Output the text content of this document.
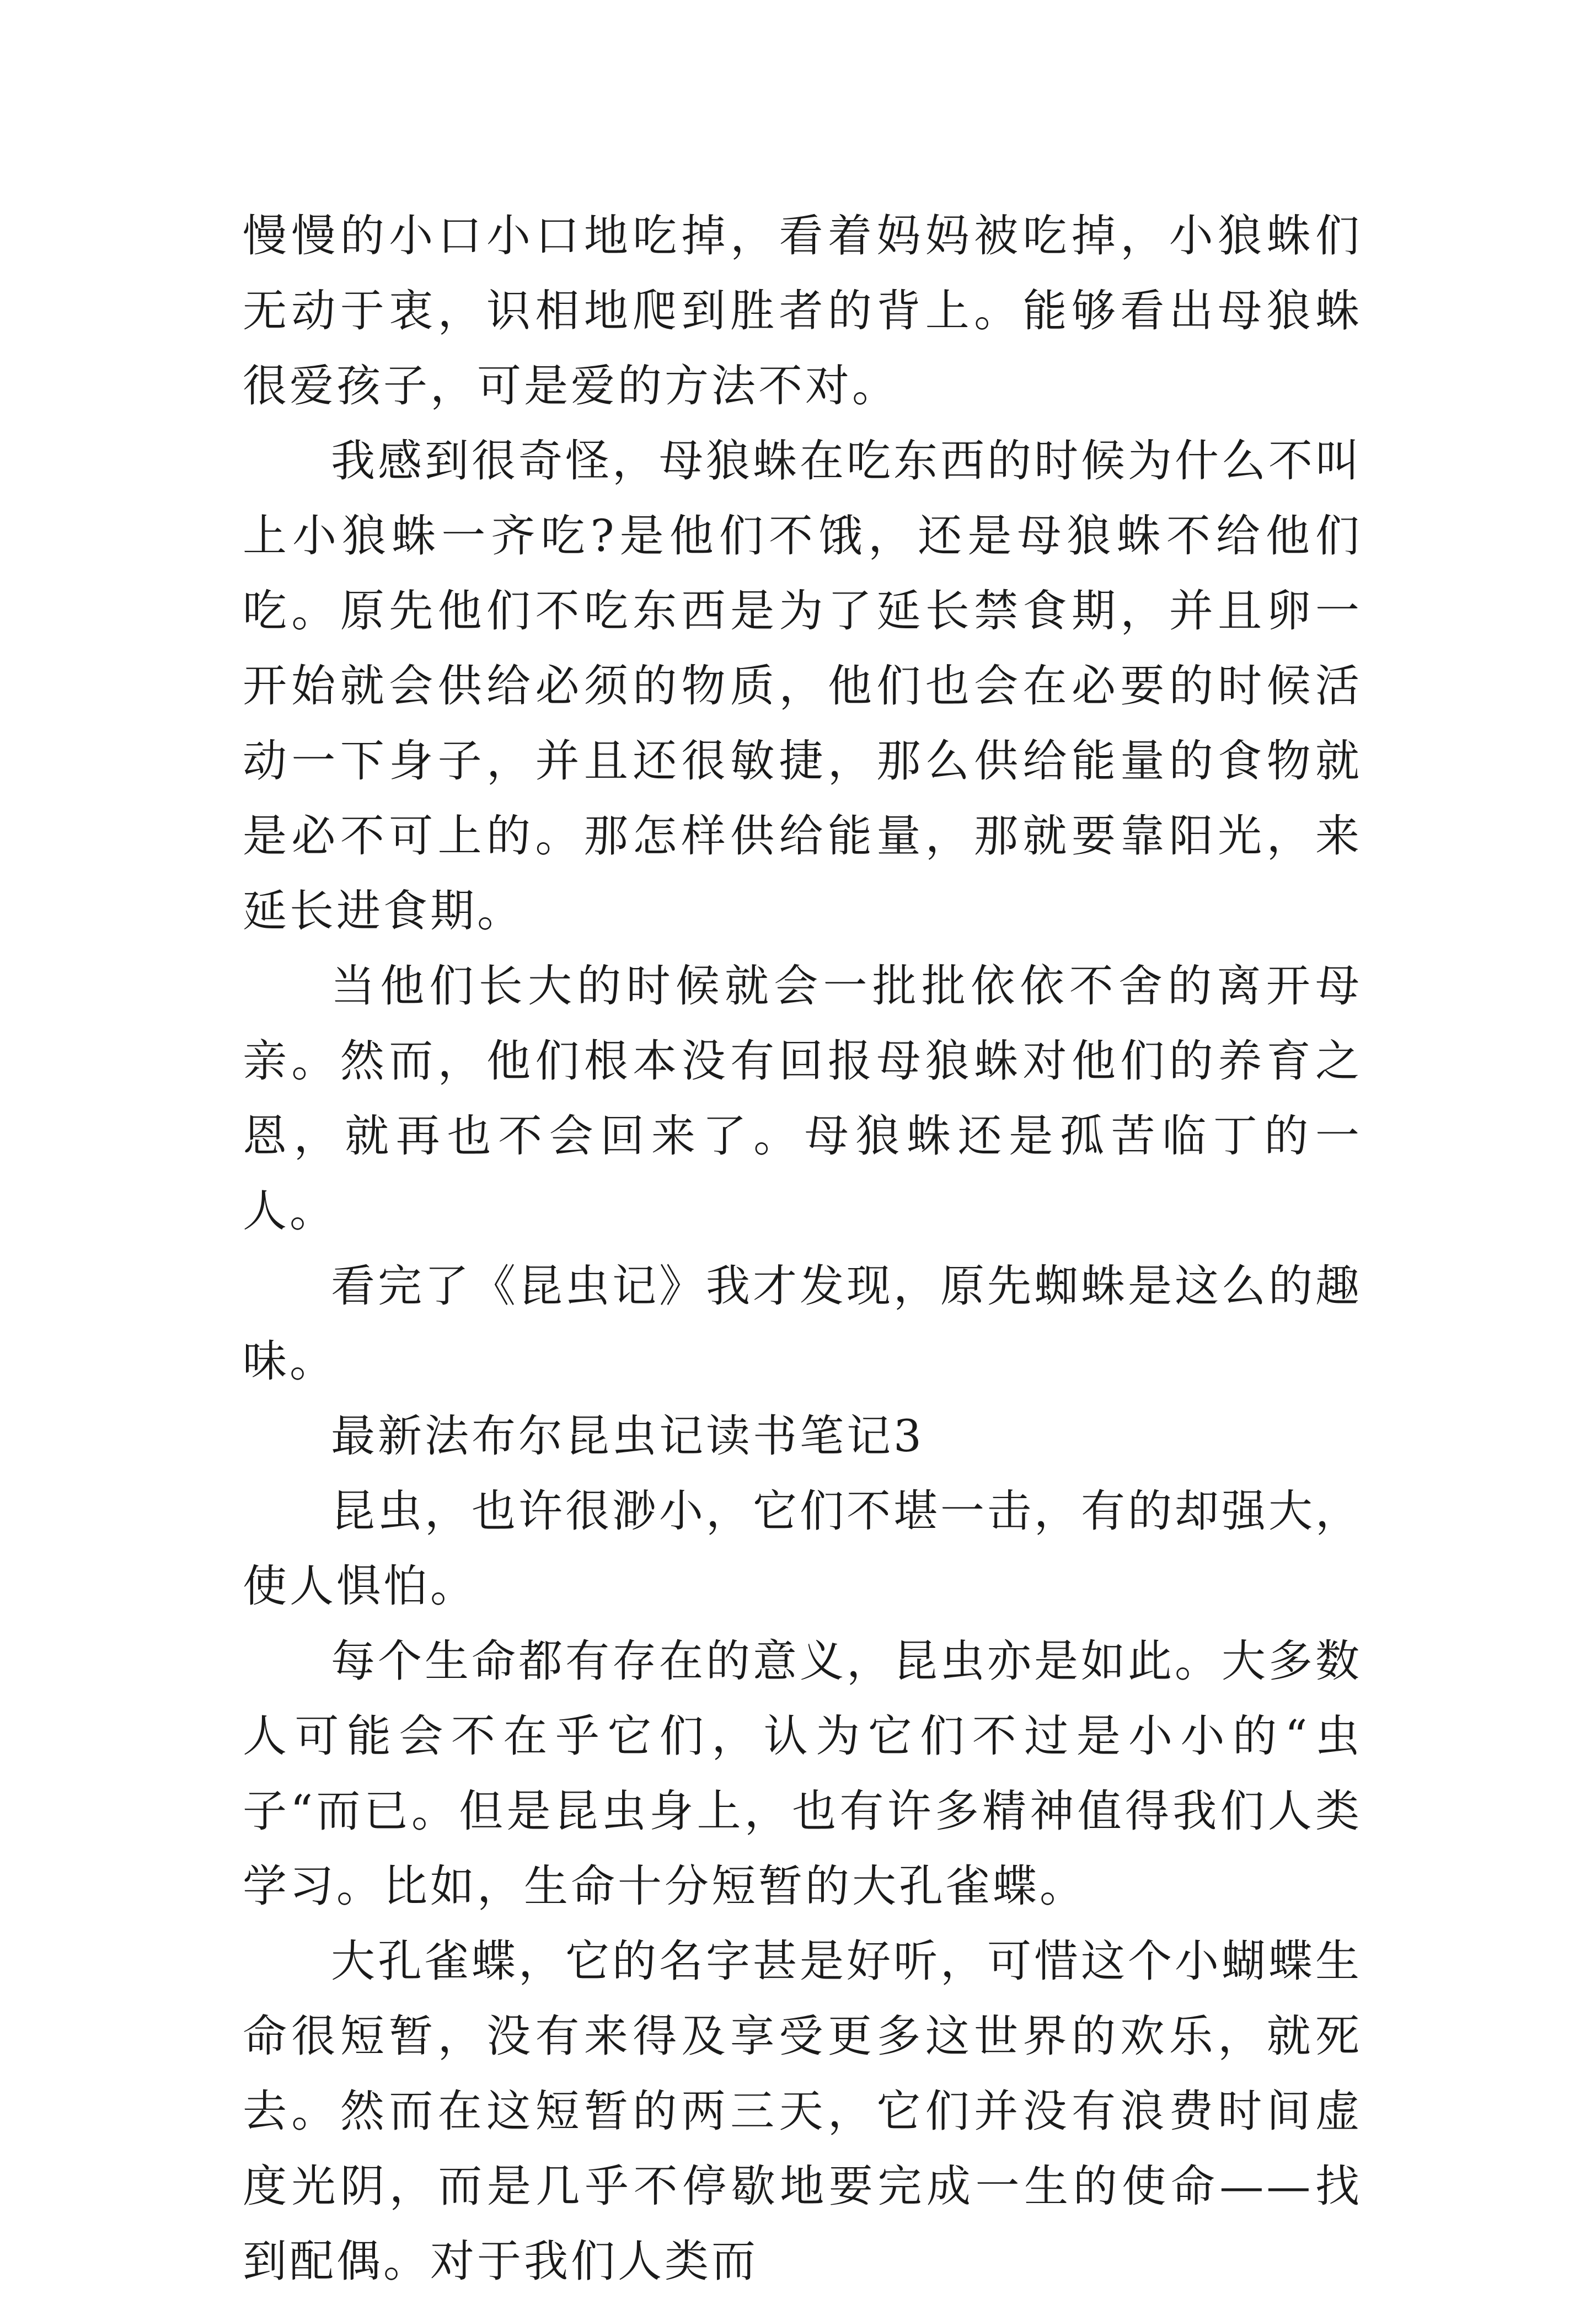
慢慢的小口小口地吃掉，看着妈妈被吃掉，小狼蛛们无动于衷，识相地爬到胜者的背上。能够看出母狼蛛很爱孩子，可是爱的方法不对。

我感到很奇怪，母狼蛛在吃东西的时候为什么不叫上小狼蛛一齐吃?是他们不饿，还是母狼蛛不给他们吃。原先他们不吃东西是为了延长禁食期，并且卵一开始就会供给必须的物质，他们也会在必要的时候活动一下身子，并且还很敏捷，那么供给能量的食物就是必不可上的。那怎样供给能量，那就要靠阳光，来延长进食期。

当他们长大的时候就会一批批依依不舍的离开母亲。然而，他们根本没有回报母狼蛛对他们的养育之恩，就再也不会回来了。母狼蛛还是孤苦临丁的一人。

看完了《昆虫记》我才发现，原先蜘蛛是这么的趣味。

最新法布尔昆虫记读书笔记3

昆虫，也许很渺小，它们不堪一击，有的却强大，使人惧怕。

每个生命都有存在的意义，昆虫亦是如此。大多数人可能会不在乎它们，认为它们不过是小小的“虫子“而已。但是昆虫身上，也有许多精神值得我们人类学习。比如，生命十分短暂的大孔雀蝶。

大孔雀蝶，它的名字甚是好听，可惜这个小蝴蝶生命很短暂，没有来得及享受更多这世界的欢乐，就死去。然而在这短暂的两三天，它们并没有浪费时间虚度光阴，而是几乎不停歇地要完成一生的使命——找到配偶。对于我们人类而
